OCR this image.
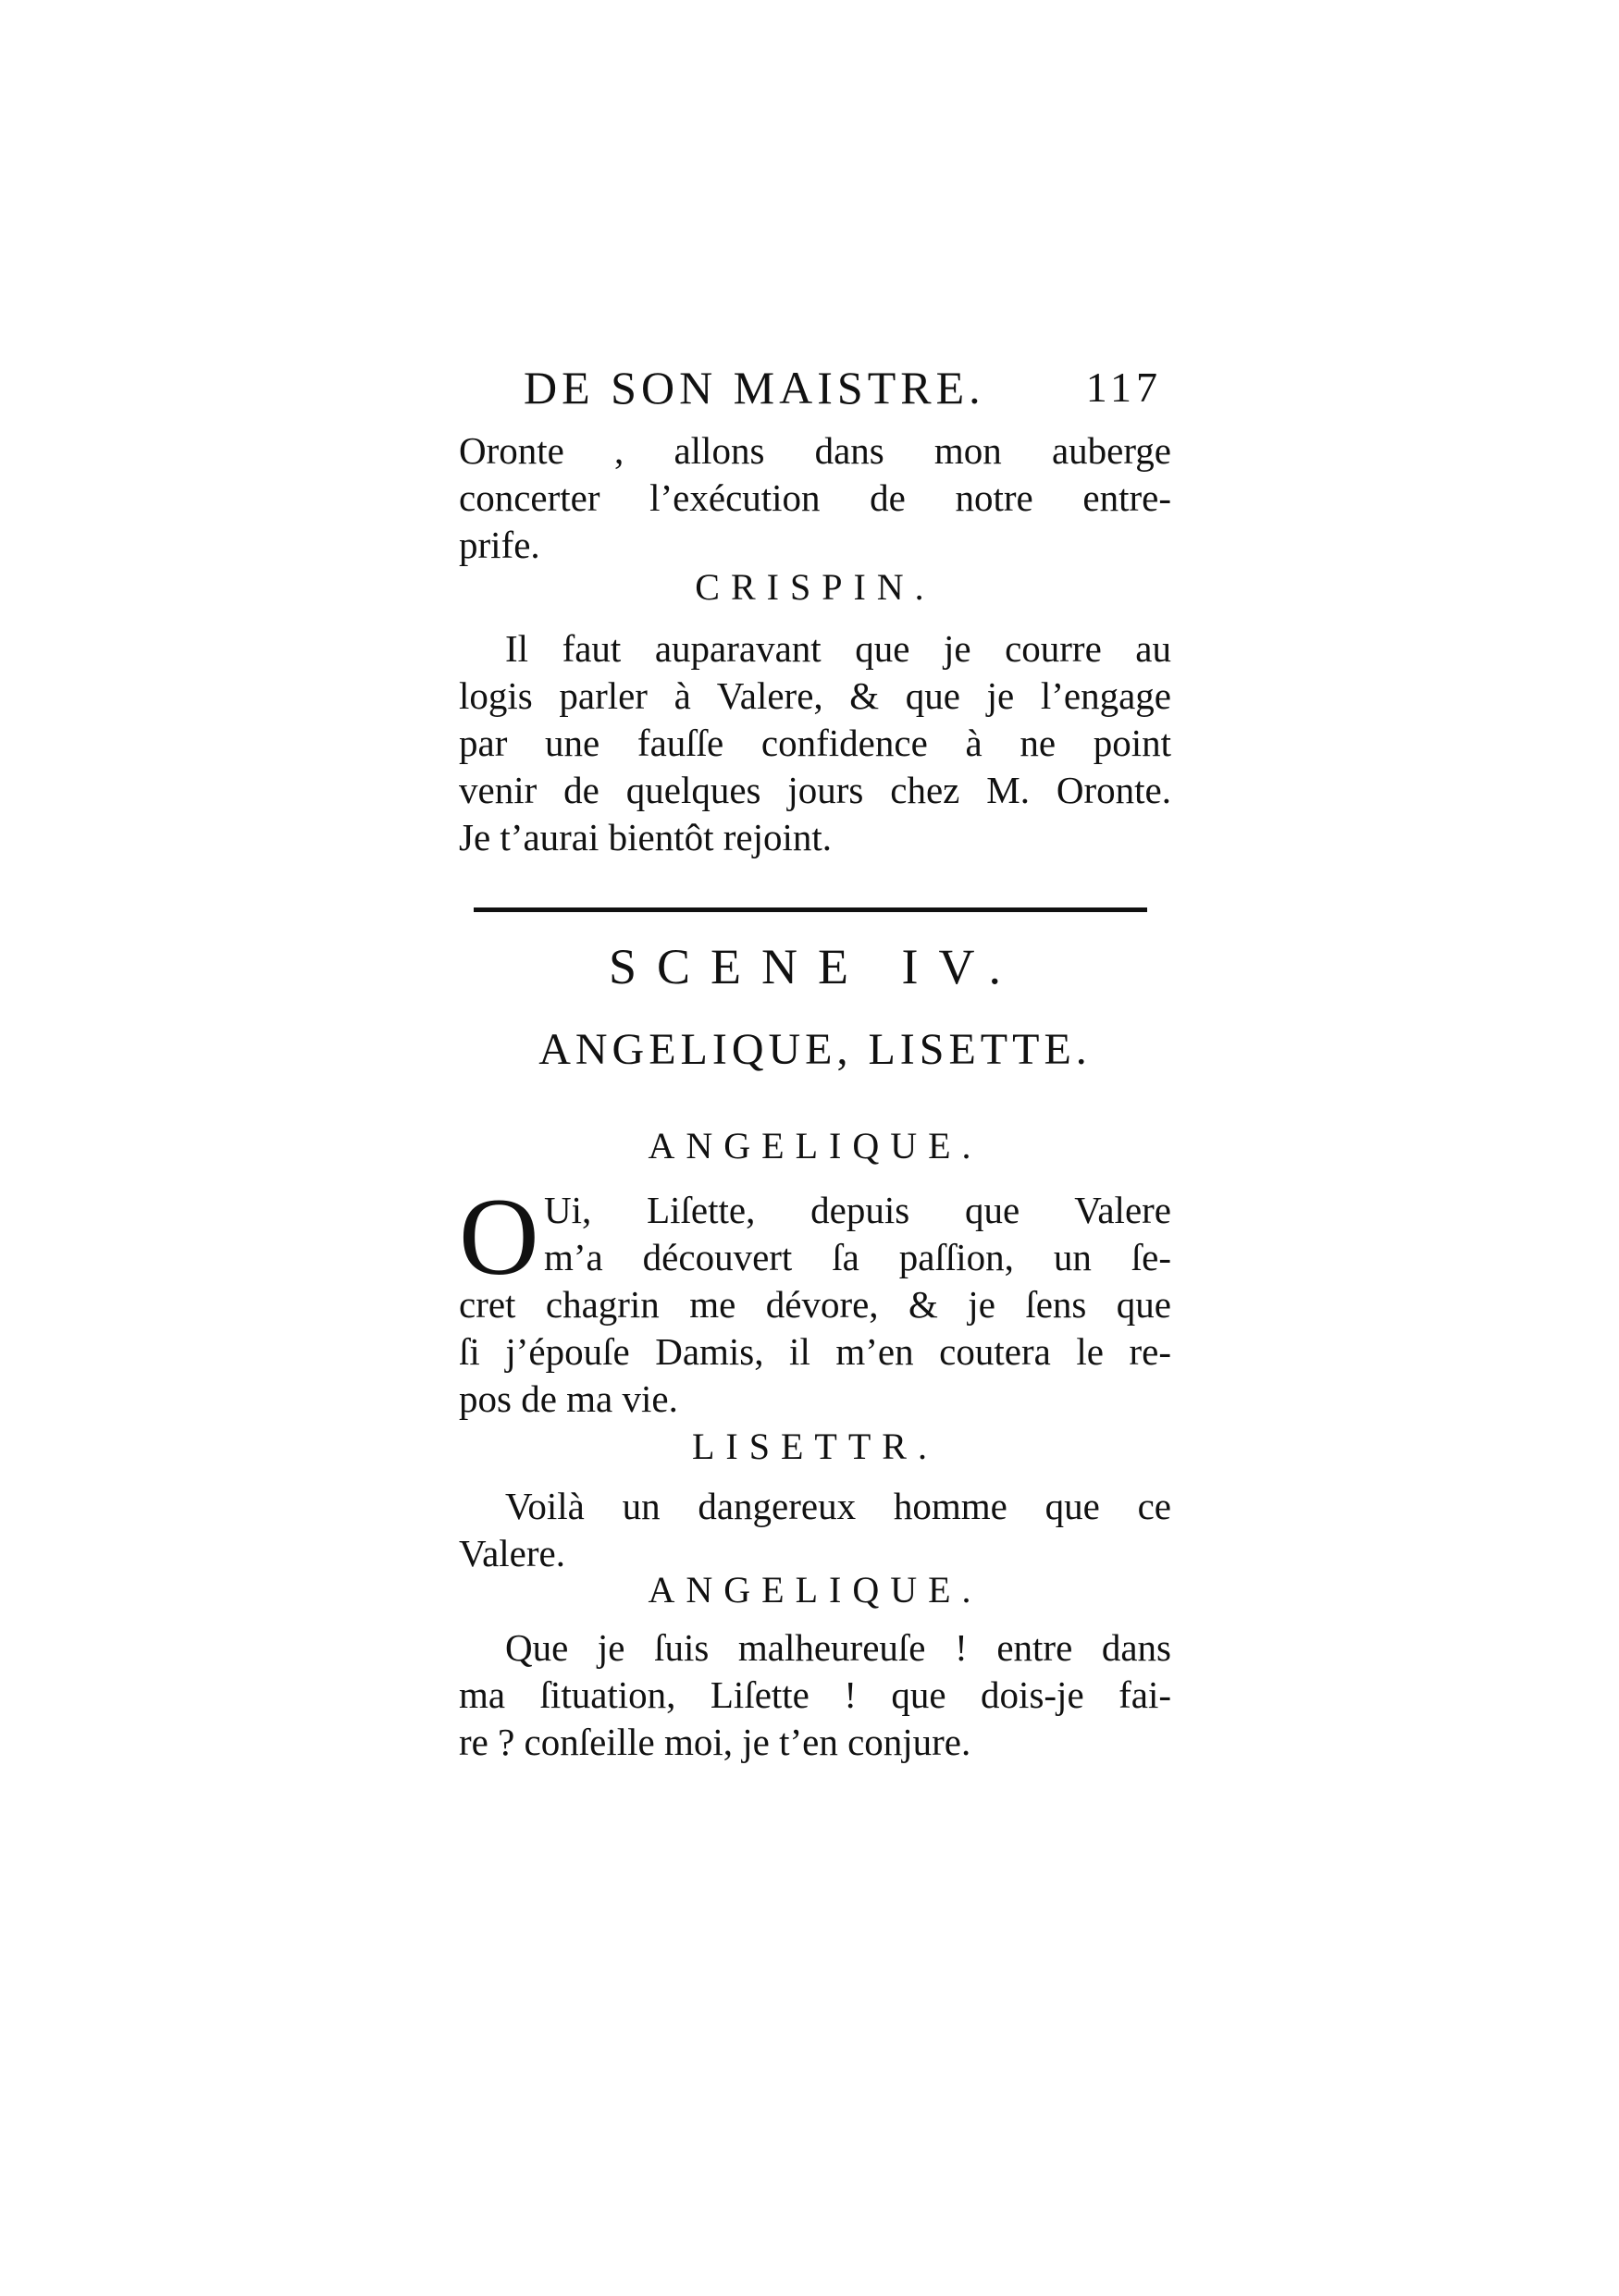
DE SON MAISTRE. 117
Oronte , allons dans mon auberge
concerter l’exécution de notre entre-
prife.
CRISPIN.
Il faut auparavant que je courre au
logis parler à Valere, & que je l’engage
par une fauſſe confidence à ne point
venir de quelques jours chez M. Oronte.
Je t’aurai bientôt rejoint.
SCENE IV.
ANGELIQUE, LISETTE.
ANGELIQUE.
O Ui, Liſette, depuis que Valere
m’a découvert ſa paſſion, un ſe-
cret chagrin me dévore, & je ſens que
ſi j’épouſe Damis, il m’en coutera le re-
pos de ma vie.
LISETTR.
Voilà un dangereux homme que ce
Valere.
ANGELIQUE.
Que je ſuis malheureuſe ! entre dans
ma ſituation, Liſette ! que dois-je fai-
re ? conſeille moi, je t’en conjure.
